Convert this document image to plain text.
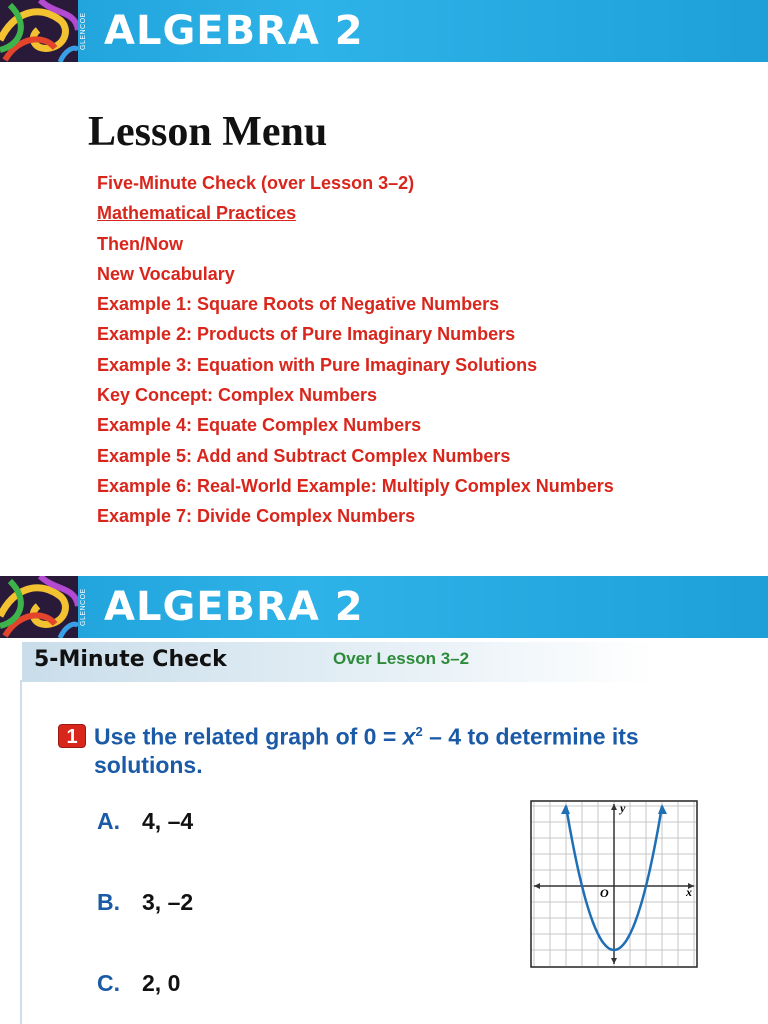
GLENCOE ALGEBRA 2
Lesson Menu
Five-Minute Check (over Lesson 3–2)
Mathematical Practices
Then/Now
New Vocabulary
Example 1: Square Roots of Negative Numbers
Example 2: Products of Pure Imaginary Numbers
Example 3: Equation with Pure Imaginary Solutions
Key Concept: Complex Numbers
Example 4: Equate Complex Numbers
Example 5: Add and Subtract Complex Numbers
Example 6: Real-World Example: Multiply Complex Numbers
Example 7: Divide Complex Numbers
GLENCOE ALGEBRA 2
5-Minute Check	Over Lesson 3–2
1 Use the related graph of $0 = x^2 - 4$ to determine its solutions.
A. 4, –4
B. 3, –2
C. 2, 0
y
x
O
